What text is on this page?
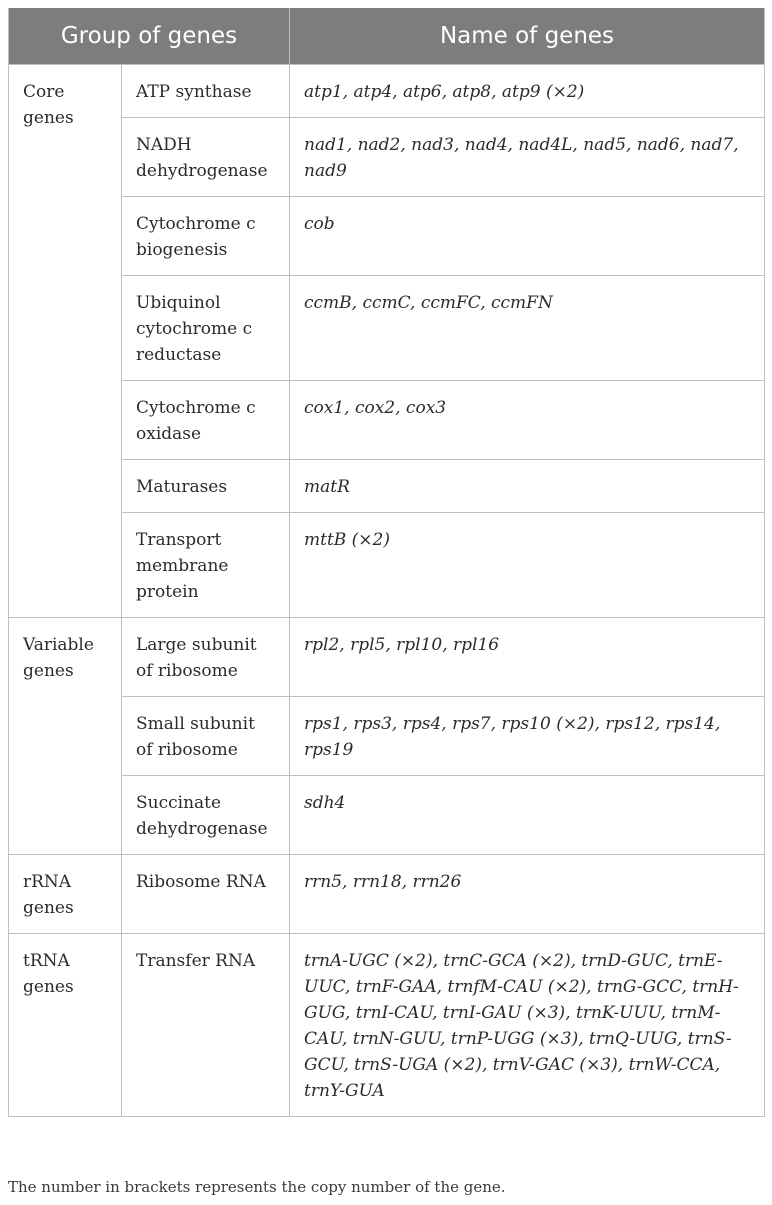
Group of genes		Name of genes
Core genes	ATP synthase	atp1, atp4, atp6, atp8, atp9 (×2)
	NADH dehydrogenase	nad1, nad2, nad3, nad4, nad4L, nad5, nad6, nad7, nad9
	Cytochrome c biogenesis	cob
	Ubiquinol cytochrome c reductase	ccmB, ccmC, ccmFC, ccmFN
	Cytochrome c oxidase	cox1, cox2, cox3
	Maturases	matR
	Transport membrane protein	mttB (×2)
Variable genes	Large subunit of ribosome	rpl2, rpl5, rpl10, rpl16
	Small subunit of ribosome	rps1, rps3, rps4, rps7, rps10 (×2), rps12, rps14, rps19
	Succinate dehydrogenase	sdh4
rRNA genes	Ribosome RNA	rrn5, rrn18, rrn26
tRNA genes	Transfer RNA	trnA-UGC (×2), trnC-GCA (×2), trnD-GUC, trnE-UUC, trnF-GAA, trnfM-CAU (×2), trnG-GCC, trnH-GUG, trnI-CAU, trnI-GAU (×3), trnK-UUU, trnM-CAU, trnN-GUU, trnP-UGG (×3), trnQ-UUG, trnS-GCU, trnS-UGA (×2), trnV-GAC (×3), trnW-CCA, trnY-GUA
The number in brackets represents the copy number of the gene.
